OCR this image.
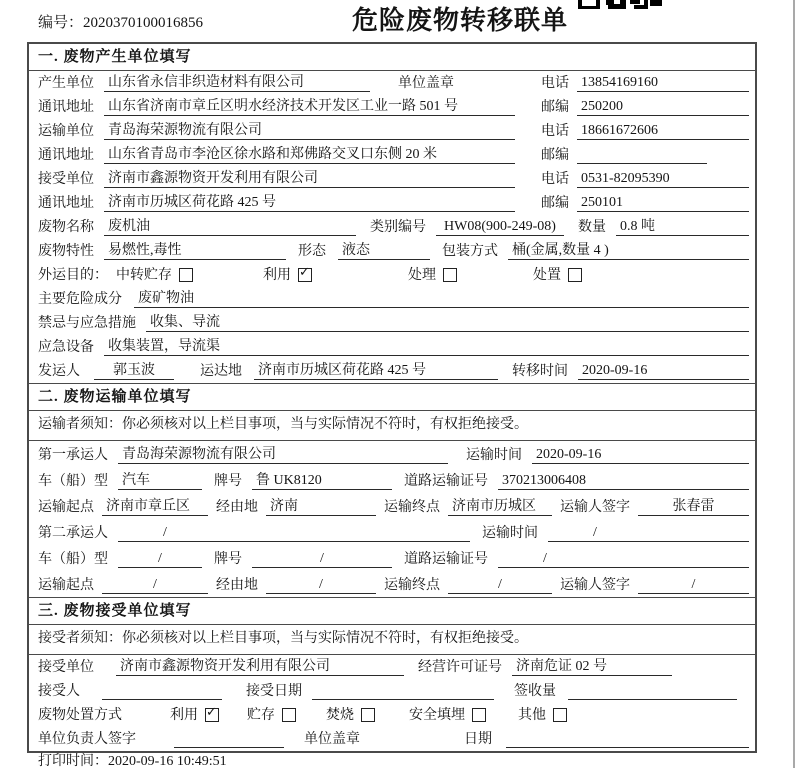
编号：2020370100016856	危险废物转移联单
一. 废物产生单位填写
产生单位 山东省永信非织造材料有限公司	单位盖章	电话 13854169160
通讯地址 山东省济南市章丘区明水经济技术开发区工业一路 501 号	邮编 250200
运输单位 青岛海荣源物流有限公司	电话 18661672606
通讯地址 山东省青岛市李沧区徐水路和郑佛路交叉口东侧 20 米	邮编
接受单位 济南市鑫源物资开发利用有限公司	电话 0531-82095390
通讯地址 济南市历城区荷花路 425 号	邮编 250101
废物名称 废机油	类别编号	HW08(900-249-08)	数量 0.8 吨
废物特性 易燃性,毒性	形态 液态	包装方式 桶(金属,数量 4 )
外运目的： 中转贮存	利用 ✓	处理	处置
主要危险成分 废矿物油
禁忌与应急措施 收集、导流
应急设备 收集装置，导流渠
发运人	郭玉波	运达地 济南市历城区荷花路 425 号	转移时间 2020-09-16
二. 废物运输单位填写
运输者须知： 你必须核对以上栏目事项，当与实际情况不符时，有权拒绝接受。
第一承运人 青岛海荣源物流有限公司	运输时间 2020-09-16
车（船）型 汽车	牌号 鲁 UK8120	道路运输证号 370213006408
运输起点 济南市章丘区	经由地 济南	运输终点 济南市历城区	运输人签字	张春雷
第二承运人	/	运输时间	/
车（船）型	/	牌号	/	道路运输证号	/
运输起点	/	经由地	/	运输终点	/	运输人签字	/
三. 废物接受单位填写
接受者须知： 你必须核对以上栏目事项，当与实际情况不符时，有权拒绝接受。
接受单位 济南市鑫源物资开发利用有限公司	经营许可证号 济南危证 02 号
接受人	接受日期	签收量
废物处置方式	利用 ✓	贮存	焚烧	安全填埋	其他
单位负责人签字	单位盖章	日期
打印时间：2020-09-16 10:49:51
